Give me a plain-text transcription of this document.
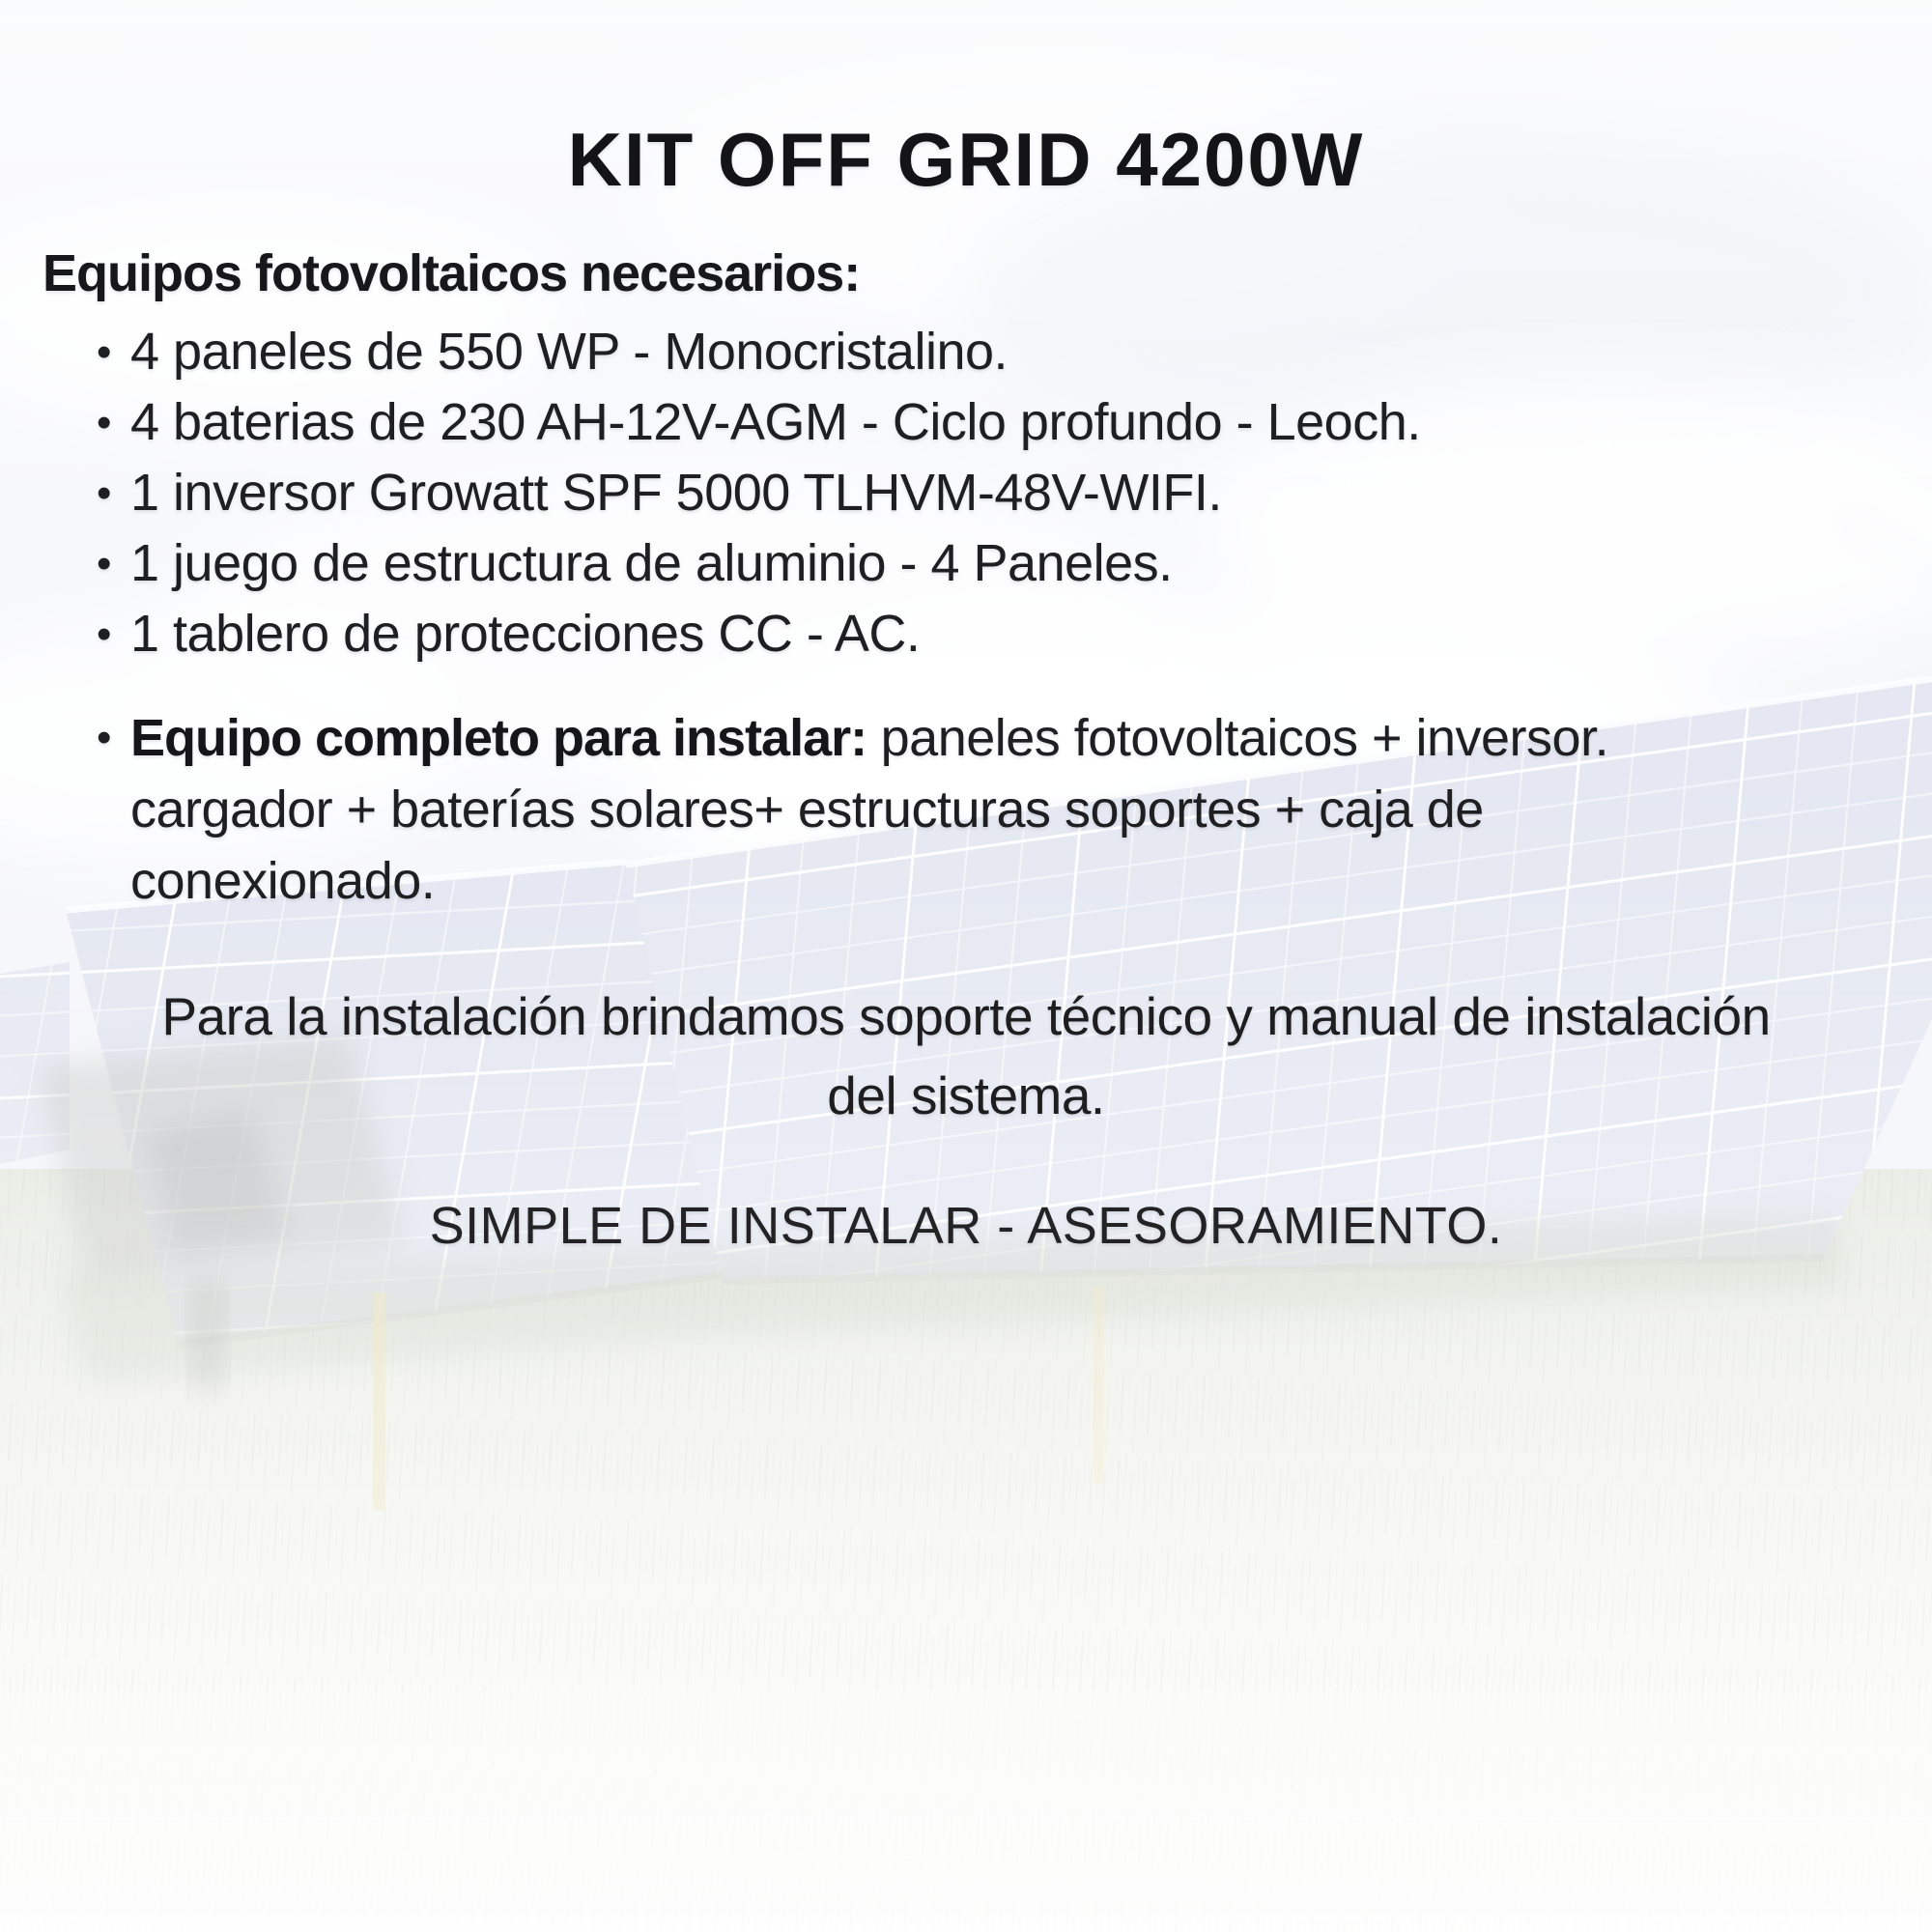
KIT OFF GRID 4200W
Equipos fotovoltaicos necesarios:
• 4 paneles de 550 WP - Monocristalino.
• 4 baterias de 230 AH-12V-AGM - Ciclo profundo - Leoch.
• 1 inversor Growatt SPF 5000 TLHVM-48V-WIFI.
• 1 juego de estructura de aluminio - 4 Paneles.
• 1 tablero de protecciones CC - AC.
• Equipo completo para instalar: paneles fotovoltaicos + inversor.
cargador + baterías solares+ estructuras soportes + caja de
conexionado.

Para la instalación brindamos soporte técnico y manual de instalación
del sistema.

SIMPLE DE INSTALAR - ASESORAMIENTO.
